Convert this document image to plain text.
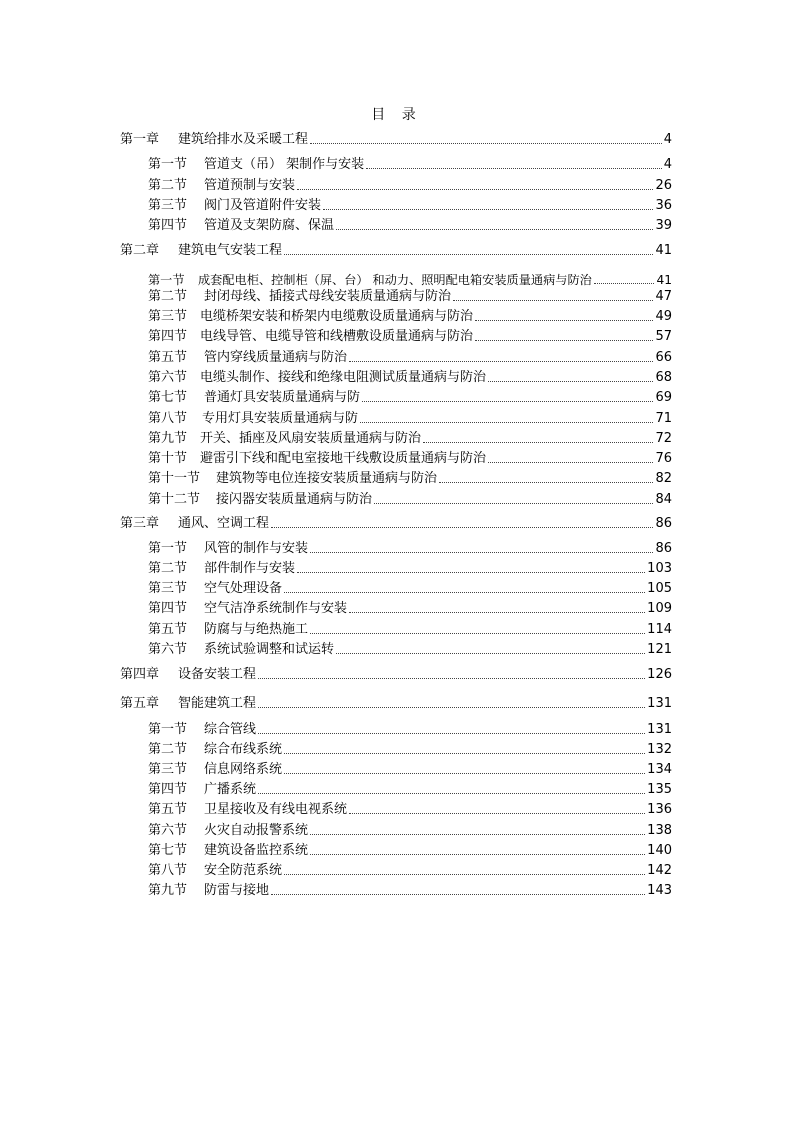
目 录
第一章 建筑给排水及采暖工程	4
第一节 管道支（吊） 架制作与安装	4
第二节 管道预制与安装	26
第三节 阀门及管道附件安装	36
第四节 管道及支架防腐、保温	39
第二章 建筑电气安装工程	41
第一节 成套配电柜、控制柜（屏、台） 和动力、照明配电箱安装质量通病与防治	41
第二节 封闭母线、插接式母线安装质量通病与防治	47
第三节 电缆桥架安装和桥架内电缆敷设质量通病与防治	49
第四节 电线导管、电缆导管和线槽敷设质量通病与防治	57
第五节 管内穿线质量通病与防治	66
第六节 电缆头制作、接线和绝缘电阻测试质量通病与防治	68
第七节 普通灯具安装质量通病与防	69
第八节 专用灯具安装质量通病与防	71
第九节 开关、插座及风扇安装质量通病与防治	72
第十节 避雷引下线和配电室接地干线敷设质量通病与防治	76
第十一节 建筑物等电位连接安装质量通病与防治	82
第十二节 接闪器安装质量通病与防治	84
第三章 通风、空调工程	86
第一节 风管的制作与安装	86
第二节 部件制作与安装	103
第三节 空气处理设备	105
第四节 空气洁净系统制作与安装	109
第五节 防腐与与绝热施工	114
第六节 系统试验调整和试运转	121
第四章 设备安装工程	126
第五章 智能建筑工程	131
第一节 综合管线	131
第二节 综合布线系统	132
第三节 信息网络系统	134
第四节 广播系统	135
第五节 卫星接收及有线电视系统	136
第六节 火灾自动报警系统	138
第七节 建筑设备监控系统	140
第八节 安全防范系统	142
第九节 防雷与接地	143
